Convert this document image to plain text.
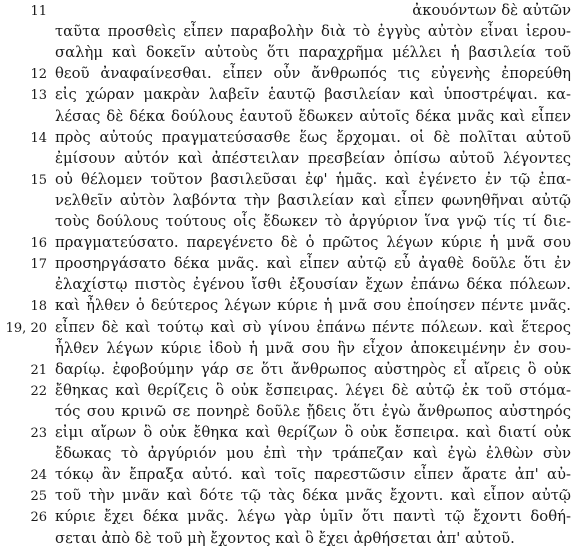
11	ἀκουόντων δὲ αὐτῶν
ταῦτα προσθεὶς εἶπεν παραβολὴν διὰ τὸ ἐγγὺς αὐτὸν εἶναι ἱερου-
σαλὴμ καὶ δοκεῖν αὐτοὺς ὅτι παραχρῆμα μέλλει ἡ βασιλεία τοῦ
12 θεοῦ ἀναφαίνεσθαι. εἶπεν οὖν ἄνθρωπός τις εὐγενὴς ἐπορεύθη
13 εἰς χώραν μακρὰν λαβεῖν ἑαυτῷ βασιλείαν καὶ ὑποστρέψαι. κα-
λέσας δὲ δέκα δούλους ἑαυτοῦ ἔδωκεν αὐτοῖς δέκα μνᾶς καὶ εἶπεν
14 πρὸς αὐτούς πραγματεύσασθε ἕως ἔρχομαι. οἱ δὲ πολῖται αὐτοῦ
ἐμίσουν αὐτόν καὶ ἀπέστειλαν πρεσβείαν ὀπίσω αὐτοῦ λέγοντες
15 οὐ θέλομεν τοῦτον βασιλεῦσαι ἐφ' ἡμᾶς. καὶ ἐγένετο ἐν τῷ ἐπα-
νελθεῖν αὐτὸν λαβόντα τὴν βασιλείαν καὶ εἶπεν φωνηθῆναι αὐτῷ
τοὺς δούλους τούτους οἷς ἔδωκεν τὸ ἀργύριον ἵνα γνῷ τίς τί διε-
16 πραγματεύσατο. παρεγένετο δὲ ὁ πρῶτος λέγων κύριε ἡ μνᾶ σου
17 προσηργάσατο δέκα μνᾶς. καὶ εἶπεν αὐτῷ εὖ ἀγαθὲ δοῦλε ὅτι ἐν
ἐλαχίστῳ πιστὸς ἐγένου ἴσθι ἐξουσίαν ἔχων ἐπάνω δέκα πόλεων.
18 καὶ ἦλθεν ὁ δεύτερος λέγων κύριε ἡ μνᾶ σου ἐποίησεν πέντε μνᾶς.
19, 20 εἶπεν δὲ καὶ τούτῳ καὶ σὺ γίνου ἐπάνω πέντε πόλεων. καὶ ἕτερος
ἦλθεν λέγων κύριε ἰδοὺ ἡ μνᾶ σου ἣν εἶχον ἀποκειμένην ἐν σου-
21 δαρίῳ. ἐφοβούμην γάρ σε ὅτι ἄνθρωπος αὐστηρὸς εἶ αἴρεις ὃ οὐκ
22 ἔθηκας καὶ θερίζεις ὃ οὐκ ἔσπειρας. λέγει δὲ αὐτῷ ἐκ τοῦ στόμα-
τός σου κρινῶ σε πονηρὲ δοῦλε ᾔδεις ὅτι ἐγὼ ἄνθρωπος αὐστηρός
23 εἰμι αἴρων ὃ οὐκ ἔθηκα καὶ θερίζων ὃ οὐκ ἔσπειρα. καὶ διατί οὐκ
ἔδωκας τὸ ἀργύριόν μου ἐπὶ τὴν τράπεζαν καὶ ἐγὼ ἐλθὼν σὺν
24 τόκῳ ἂν ἔπραξα αὐτό. καὶ τοῖς παρεστῶσιν εἶπεν ἄρατε ἀπ' αὐ-
25 τοῦ τὴν μνᾶν καὶ δότε τῷ τὰς δέκα μνᾶς ἔχοντι. καὶ εἶπον αὐτῷ
26 κύριε ἔχει δέκα μνᾶς. λέγω γὰρ ὑμῖν ὅτι παντὶ τῷ ἔχοντι δοθή-
σεται ἀπὸ δὲ τοῦ μὴ ἔχοντος καὶ ὃ ἔχει ἀρθήσεται ἀπ' αὐτοῦ.
